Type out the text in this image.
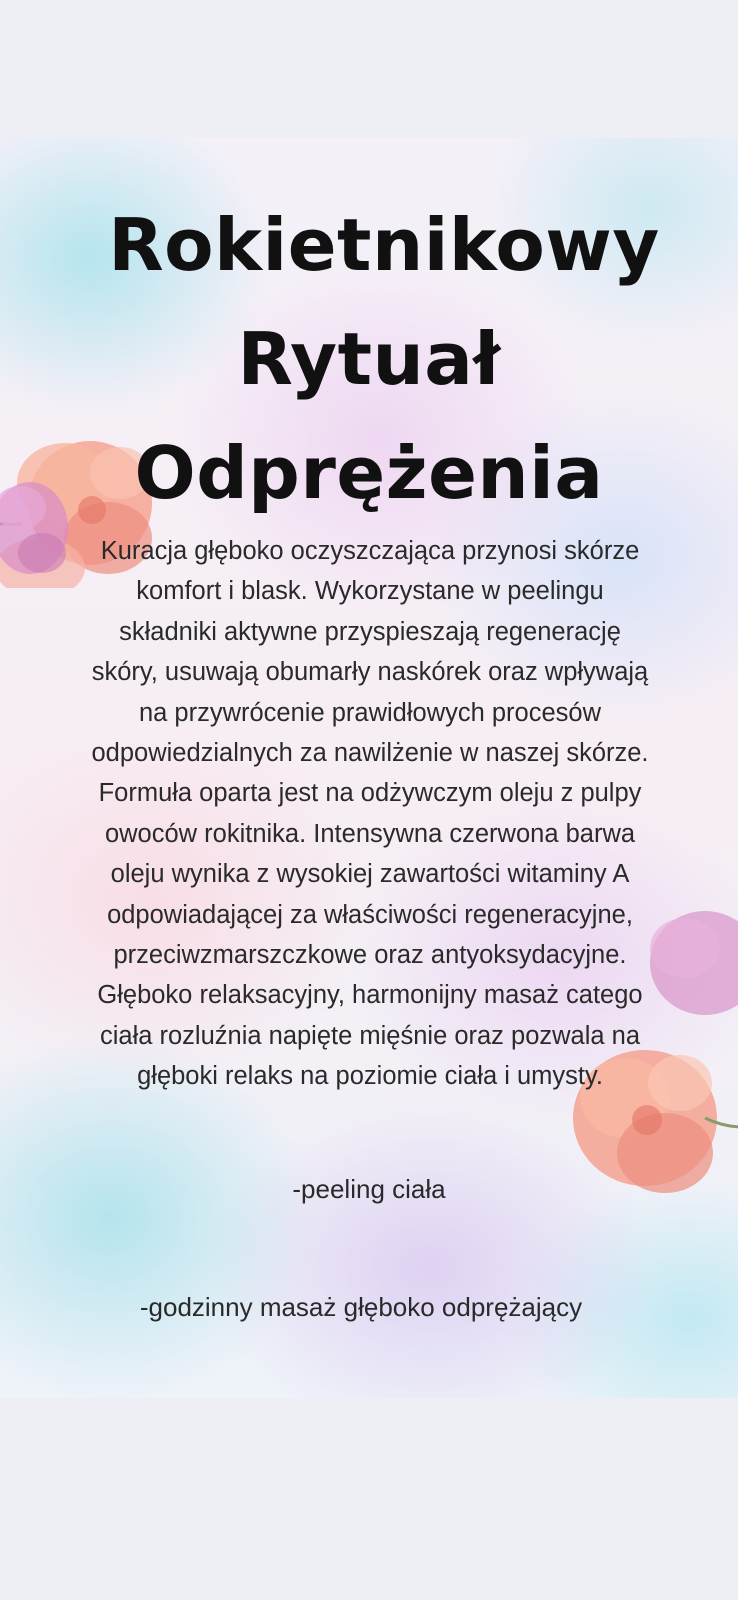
Rokietnikowy
Rytuał
Odprężenia
Kuracja głęboko oczyszczająca przynosi skórze
komfort i blask. Wykorzystane w peelingu
składniki aktywne przyspieszają regenerację
skóry, usuwają obumarły naskórek oraz wpływają
na przywrócenie prawidłowych procesów
odpowiedzialnych za nawilżenie w naszej skórze.
Formuła oparta jest na odżywczym oleju z pulpy
owoców rokitnika. Intensywna czerwona barwa
oleju wynika z wysokiej zawartości witaminy A
odpowiadającej za właściwości regeneracyjne,
przeciwzmarszczkowe oraz antyoksydacyjne.
Głęboko relaksacyjny, harmonijny masaż catego
ciała rozluźnia napięte mięśnie oraz pozwala na
głęboki relaks na poziomie ciała i umysty.
-peeling ciała
-godzinny masaż głęboko odprężający
